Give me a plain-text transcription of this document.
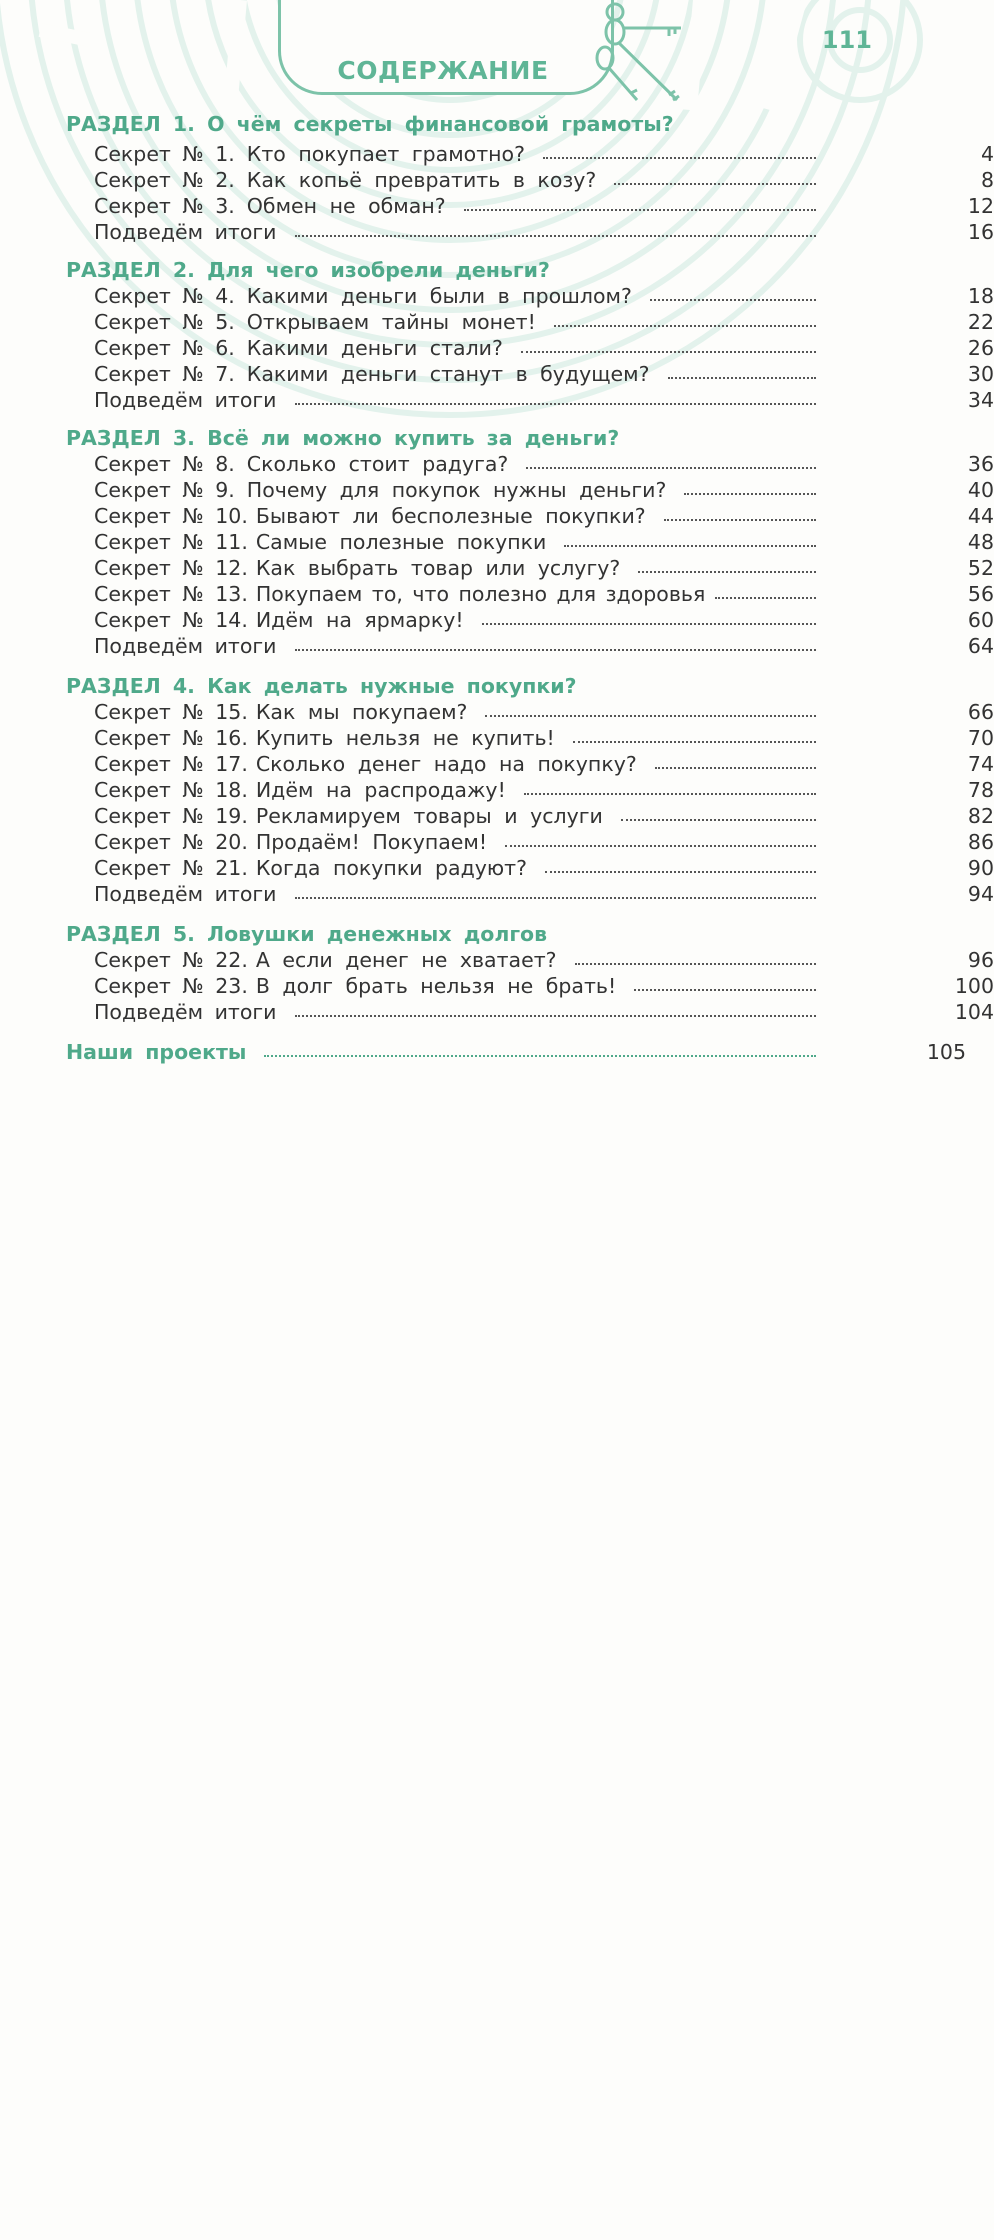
СОДЕРЖАНИЕ
111
РАЗДЕЛ 1. О чём секреты финансовой грамоты?
Секрет № 1. Кто покупает грамотно?	4
Секрет № 2. Как копьё превратить в козу?	8
Секрет № 3. Обмен не обман?	12
Подведём итоги	16
РАЗДЕЛ 2. Для чего изобрели деньги?
Секрет № 4. Какими деньги были в прошлом?	18
Секрет № 5. Открываем тайны монет!	22
Секрет № 6. Какими деньги стали?	26
Секрет № 7. Какими деньги станут в будущем?	30
Подведём итоги	34
РАЗДЕЛ 3. Всё ли можно купить за деньги?
Секрет № 8. Сколько стоит радуга?	36
Секрет № 9. Почему для покупок нужны деньги?	40
Секрет № 10. Бывают ли бесполезные покупки?	44
Секрет № 11. Самые полезные покупки	48
Секрет № 12. Как выбрать товар или услугу?	52
Секрет № 13. Покупаем то, что полезно для здоровья	56
Секрет № 14. Идём на ярмарку!	60
Подведём итоги	64
РАЗДЕЛ 4. Как делать нужные покупки?
Секрет № 15. Как мы покупаем?	66
Секрет № 16. Купить нельзя не купить!	70
Секрет № 17. Сколько денег надо на покупку?	74
Секрет № 18. Идём на распродажу!	78
Секрет № 19. Рекламируем товары и услуги	82
Секрет № 20. Продаём! Покупаем!	86
Секрет № 21. Когда покупки радуют?	90
Подведём итоги	94
РАЗДЕЛ 5. Ловушки денежных долгов
Секрет № 22. А если денег не хватает?	96
Секрет № 23. В долг брать нельзя не брать!	100
Подведём итоги	104
Наши проекты	105
